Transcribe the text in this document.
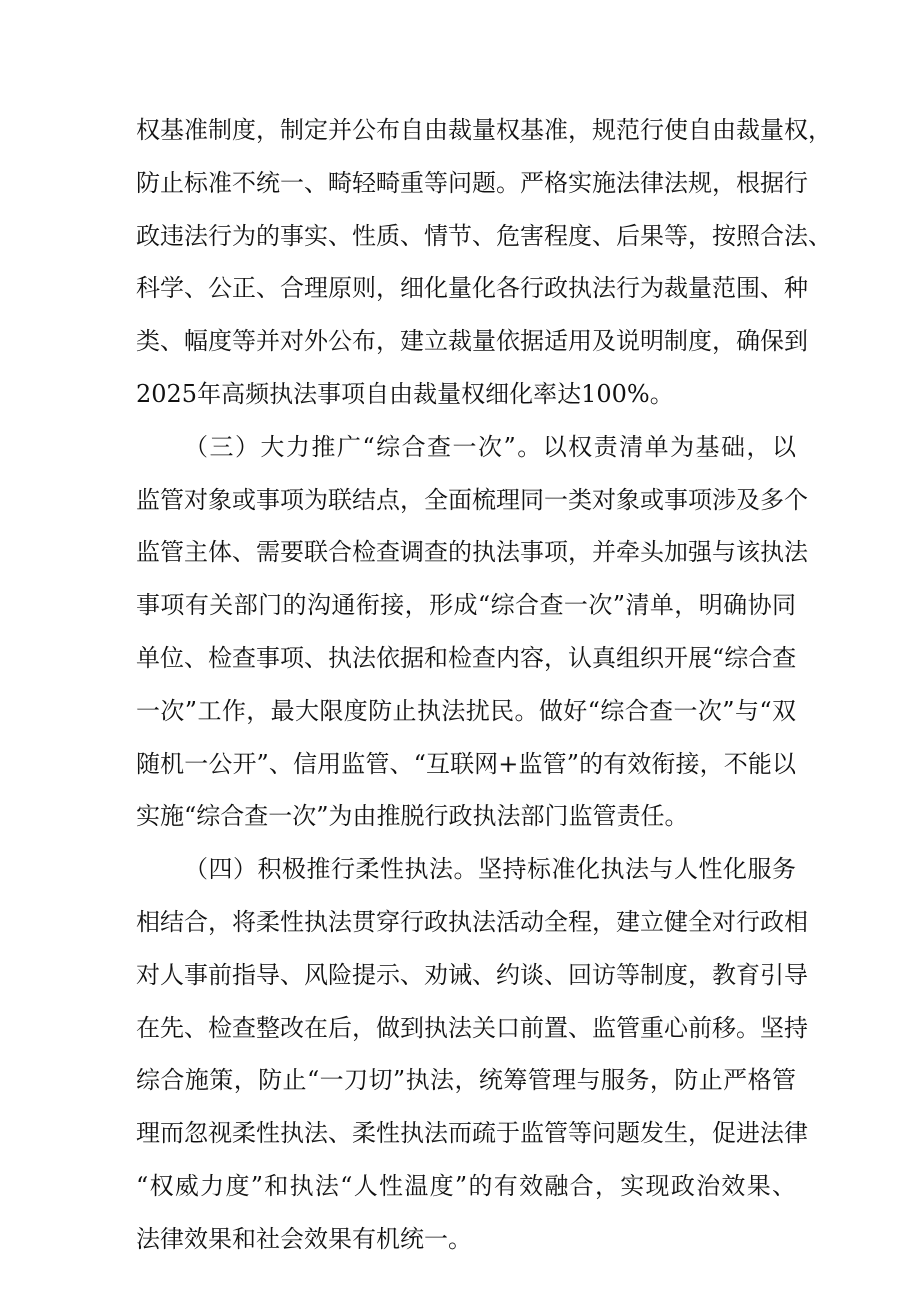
权基准制度，制定并公布自由裁量权基准，规范行使自由裁量权，
防止标准不统一、畸轻畸重等问题。严格实施法律法规，根据行
政违法行为的事实、性质、情节、危害程度、后果等，按照合法、
科学、公正、合理原则，细化量化各行政执法行为裁量范围、种
类、幅度等并对外公布，建立裁量依据适用及说明制度，确保到
2025年高频执法事项自由裁量权细化率达100%。
（三）大力推广“综合查一次”。以权责清单为基础，以
监管对象或事项为联结点，全面梳理同一类对象或事项涉及多个
监管主体、需要联合检查调查的执法事项，并牵头加强与该执法
事项有关部门的沟通衔接，形成“综合查一次”清单，明确协同
单位、检查事项、执法依据和检查内容，认真组织开展“综合查
一次”工作，最大限度防止执法扰民。做好“综合查一次”与“双
随机一公开”、信用监管、“互联网+监管”的有效衔接，不能以
实施“综合查一次”为由推脱行政执法部门监管责任。
（四）积极推行柔性执法。坚持标准化执法与人性化服务
相结合，将柔性执法贯穿行政执法活动全程，建立健全对行政相
对人事前指导、风险提示、劝诫、约谈、回访等制度，教育引导
在先、检查整改在后，做到执法关口前置、监管重心前移。坚持
综合施策，防止“一刀切”执法，统筹管理与服务，防止严格管
理而忽视柔性执法、柔性执法而疏于监管等问题发生，促进法律
“权威力度”和执法“人性温度”的有效融合，实现政治效果、
法律效果和社会效果有机统一。
